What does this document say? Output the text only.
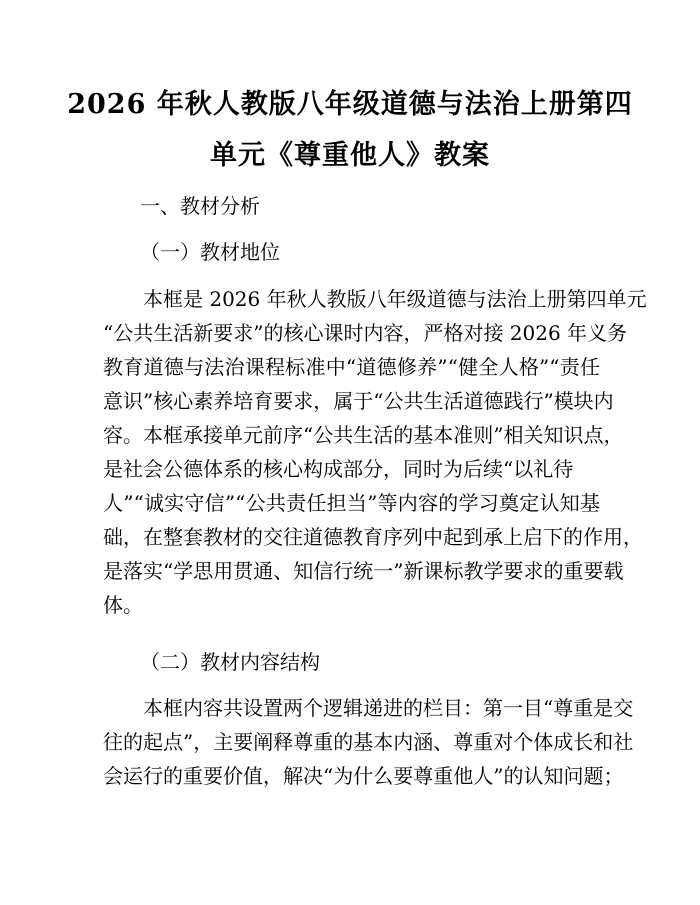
2026 年秋人教版八年级道德与法治上册第四
单元《尊重他人》教案
一、教材分析
（一）教材地位
本框是 2026 年秋人教版八年级道德与法治上册第四单元
“公共生活新要求”的核心课时内容，严格对接 2026 年义务
教育道德与法治课程标准中“道德修养”“健全人格”“责任
意识”核心素养培育要求，属于“公共生活道德践行”模块内
容。本框承接单元前序“公共生活的基本准则”相关知识点，
是社会公德体系的核心构成部分，同时为后续“以礼待
人”“诚实守信”“公共责任担当”等内容的学习奠定认知基
础，在整套教材的交往道德教育序列中起到承上启下的作用，
是落实“学思用贯通、知信行统一”新课标教学要求的重要载
体。
（二）教材内容结构
本框内容共设置两个逻辑递进的栏目：第一目“尊重是交
往的起点”，主要阐释尊重的基本内涵、尊重对个体成长和社
会运行的重要价值，解决“为什么要尊重他人”的认知问题；
